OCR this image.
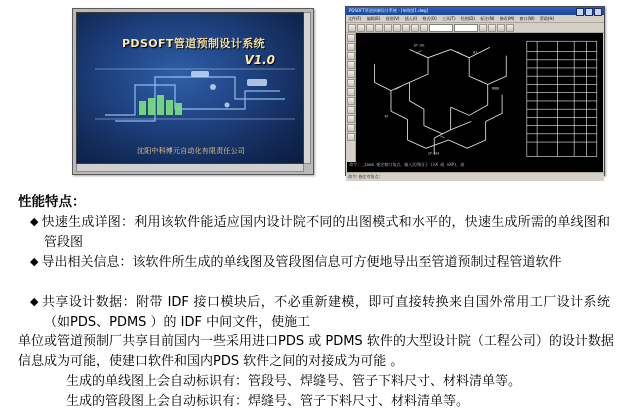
PDSOFT管道预制设计系统
V1.0
沈阳中科博元自动化有限责任公司
PDSOFT管道预制设计系统 - [单线图1.dwg]
文件(F) 编辑(E) 视图(V) 插入(I) 格式(O) 工具(T) 绘图(D) 标注(N) 修改(M) 窗口(W) 帮助(H)
SP-101
W3
DN80
W7
SP-104
命令: _zoom 指定窗口角点，输入比例因子 (nX 或 nXP)，或
命令: 指定对角点:
性能特点：
◆ 快速生成详图：利用该软件能适应国内设计院不同的出图模式和水平的，快速生成所需的单线图和管段图
◆ 导出相关信息：该软件所生成的单线图及管段图信息可方便地导出至管道预制过程管道软件
◆ 共享设计数据：附带 IDF 接口模块后，不必重新建模，即可直接转换来自国外常用工厂设计系统（如PDS、PDMS ）的 IDF 中间文件，使施工
单位或管道预制厂共享目前国内一些采用进口PDS 或 PDMS 软件的大型设计院（工程公司）的设计数据信息成为可能，使建口软件和国内PDS 软件之间的对接成为可能 。
生成的单线图上会自动标识有：管段号、焊缝号、管子下料尺寸、材料清单等。
生成的管段图上会自动标识有：焊缝号、管子下料尺寸、材料清单等。
